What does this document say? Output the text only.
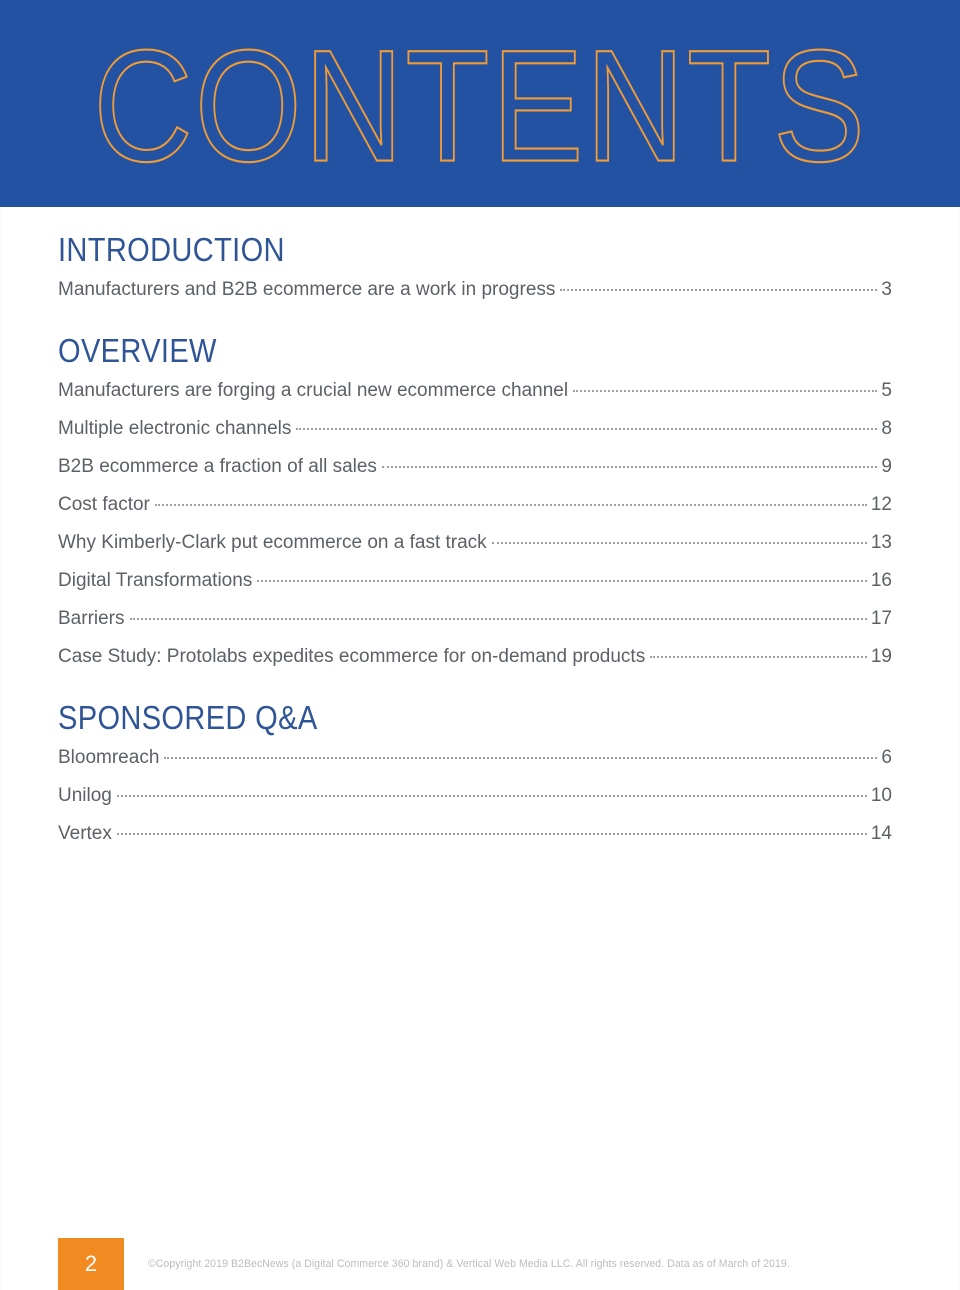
CONTENTS
INTRODUCTION
Manufacturers and B2B ecommerce are a work in progress	3
OVERVIEW
Manufacturers are forging a crucial new ecommerce channel	5
Multiple electronic channels	8
B2B ecommerce a fraction of all sales	9
Cost factor	12
Why Kimberly-Clark put ecommerce on a fast track	13
Digital Transformations	16
Barriers	17
Case Study: Protolabs expedites ecommerce for on-demand products	19
SPONSORED Q&A
Bloomreach	6
Unilog	10
Vertex	14
2	©Copyright 2019 B2BecNews (a Digital Commerce 360 brand) & Vertical Web Media LLC. All rights reserved. Data as of March of 2019.
